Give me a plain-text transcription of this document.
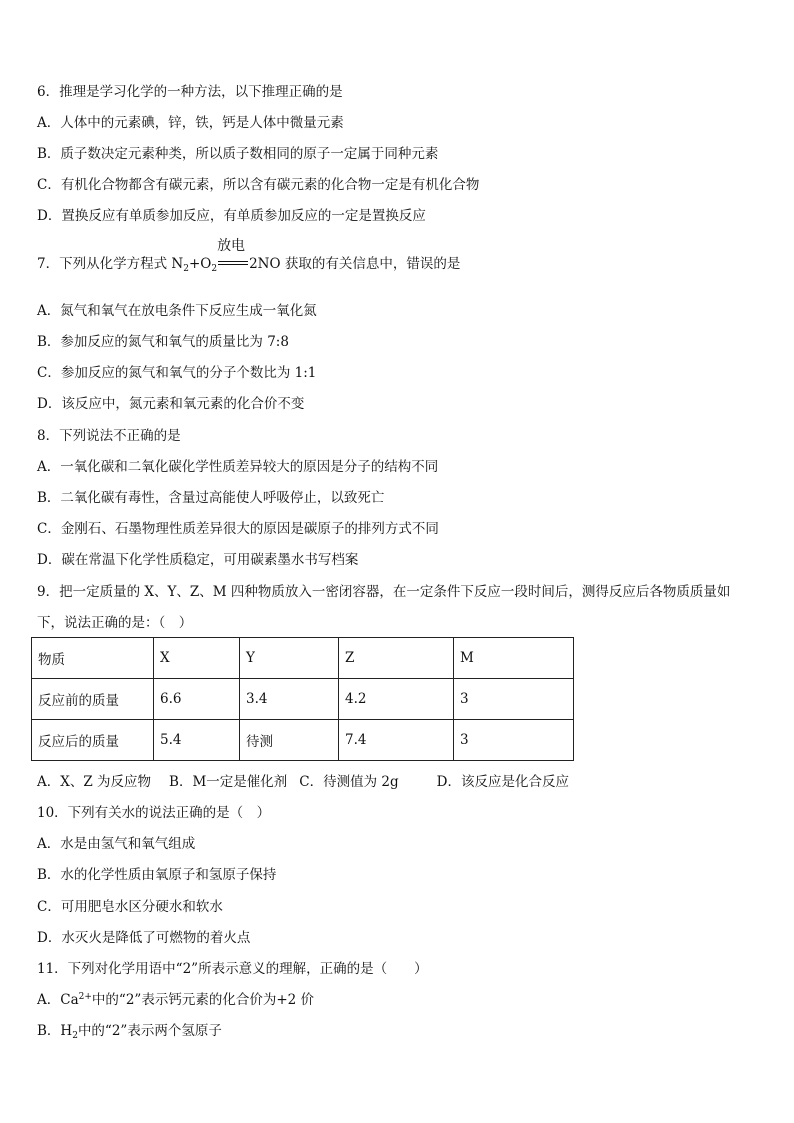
6．推理是学习化学的一种方法，以下推理正确的是
A．人体中的元素碘，锌，铁，钙是人体中微量元素
B．质子数决定元素种类，所以质子数相同的原子一定属于同种元素
C．有机化合物都含有碳元素，所以含有碳元素的化合物一定是有机化合物
D．置换反应有单质参加反应，有单质参加反应的一定是置换反应
7．下列从化学方程式 $N_2+O_2$
放电
2NO 获取的有关信息中，错误的是
A．氮气和氧气在放电条件下反应生成一氧化氮
B．参加反应的氮气和氧气的质量比为 7:8
C．参加反应的氮气和氧气的分子个数比为 1:1
D．该反应中，氮元素和氧元素的化合价不变
8．下列说法不正确的是
A．一氧化碳和二氧化碳化学性质差异较大的原因是分子的结构不同
B．二氧化碳有毒性，含量过高能使人呼吸停止，以致死亡
C．金刚石、石墨物理性质差异很大的原因是碳原子的排列方式不同
D．碳在常温下化学性质稳定，可用碳素墨水书写档案
9．把一定质量的 X、Y、Z、M 四种物质放入一密闭容器，在一定条件下反应一段时间后，测得反应后各物质质量如
下，说法正确的是：（　）
物质	X	Y	Z	M
反应前的质量	6.6	3.4	4.2	3
反应后的质量	5.4	待测	7.4	3
A．X、Z 为反应物 B．M一定是催化剂 C．待测值为 2g	D．该反应是化合反应
10．下列有关水的说法正确的是（　）
A．水是由氢气和氧气组成
B．水的化学性质由氧原子和氢原子保持
C．可用肥皂水区分硬水和软水
D．水灭火是降低了可燃物的着火点
11．下列对化学用语中“2”所表示意义的理解，正确的是（　　）
A．$Ca^{2+}$中的“2”表示钙元素的化合价为+2 价
B．$H_2$中的“2”表示两个氢原子
